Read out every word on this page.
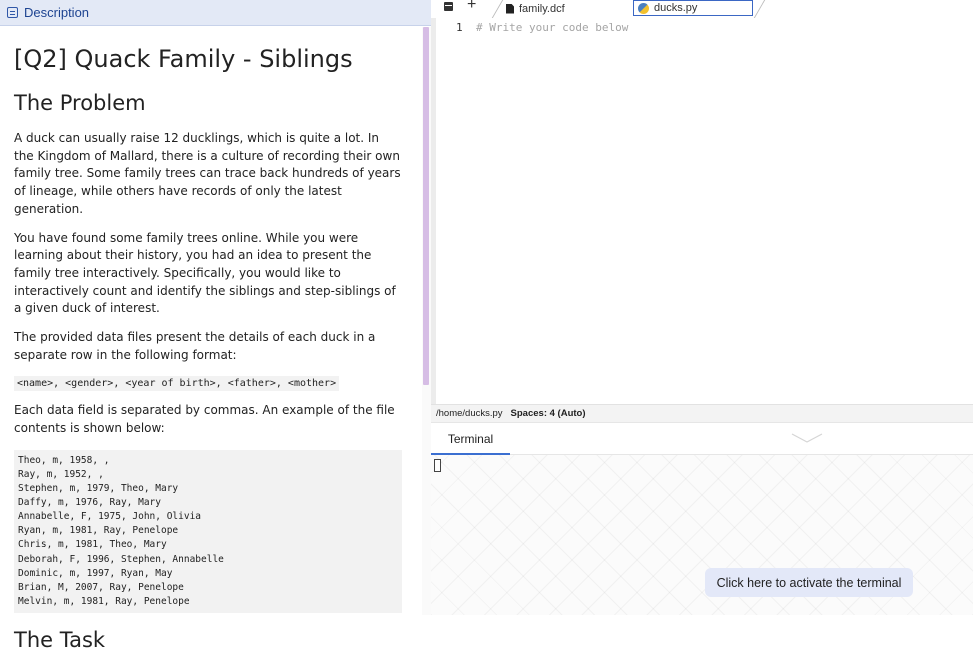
Description
[Q2] Quack Family - Siblings
The Problem

A duck can usually raise 12 ducklings, which is quite a lot. In the Kingdom of Mallard, there is a culture of recording their own family tree. Some family trees can trace back hundreds of years of lineage, while others have records of only the latest generation.

You have found some family trees online. While you were learning about their history, you had an idea to present the family tree interactively. Specifically, you would like to interactively count and identify the siblings and step-siblings of a given duck of interest.

The provided data files present the details of each duck in a separate row in the following format:

<name>, <gender>, <year of birth>, <father>, <mother>

Each data field is separated by commas. An example of the file contents is shown below:

Theo, m, 1958, ,
Ray, m, 1952, ,
Stephen, m, 1979, Theo, Mary
Daffy, m, 1976, Ray, Mary
Annabelle, F, 1975, John, Olivia
Ryan, m, 1981, Ray, Penelope
Chris, m, 1981, Theo, Mary
Deborah, F, 1996, Stephen, Annabelle
Dominic, m, 1997, Ryan, May
Brian, M, 2007, Ray, Penelope
Melvin, m, 1981, Ray, Penelope
The Task
+	family.dcf	ducks.py
1 # Write your code below
/home/ducks.py Spaces: 4 (Auto)
Terminal
Click here to activate the terminal
